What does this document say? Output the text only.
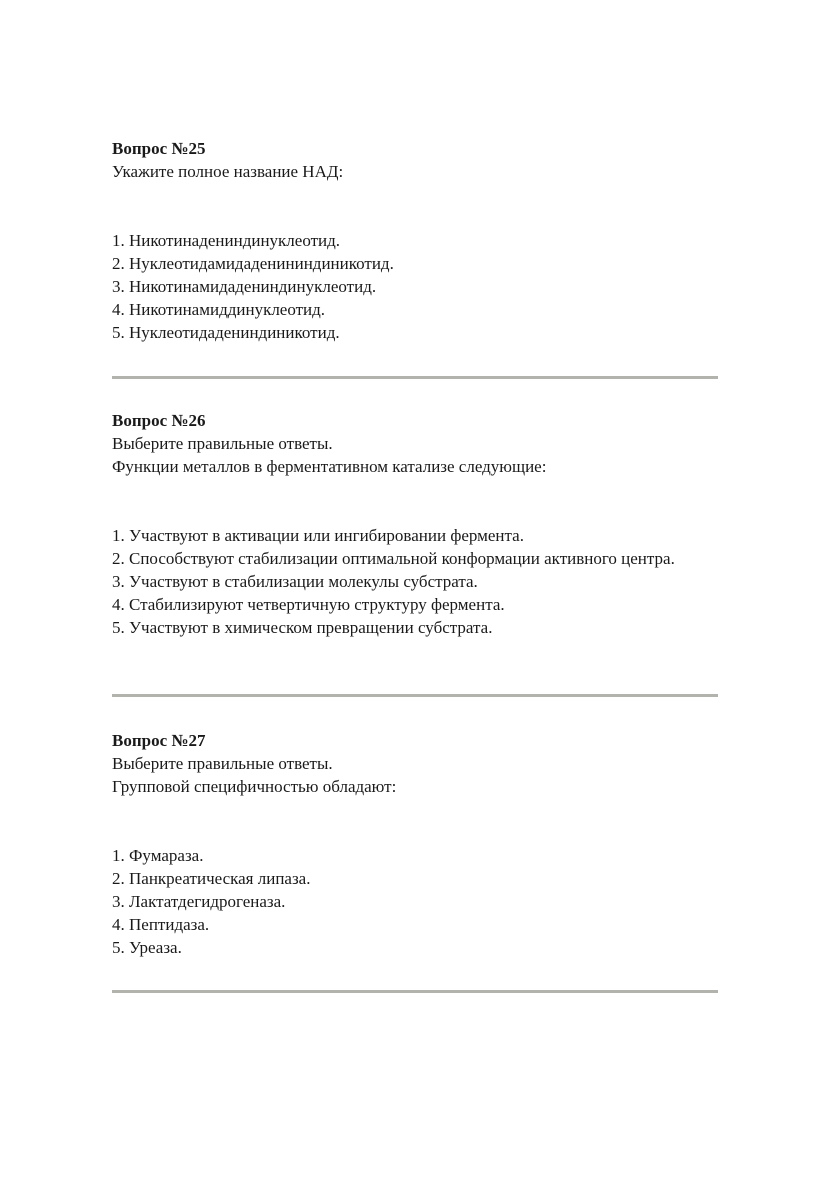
Вопрос №25

Укажите полное название НАД:

1. Никотинадениндинуклеотид.
2. Нуклеотидамидаденининдиникотид.
3. Никотинамидадениндинуклеотид.
4. Никотинамиддинуклеотид.
5. Нуклеотидадениндиникотид.

Вопрос №26

Выберите правильные ответы.

Функции металлов в ферментативном катализе следующие:

1. Участвуют в активации или ингибировании фермента.
2. Способствуют стабилизации оптимальной конформации активного центра.
3. Участвуют в стабилизации молекулы субстрата.
4. Стабилизируют четвертичную структуру фермента.
5. Участвуют в химическом превращении субстрата.

Вопрос №27

Выберите правильные ответы.

Групповой специфичностью обладают:

1. Фумараза.
2. Панкреатическая липаза.
3. Лактатдегидрогеназа.
4. Пептидаза.
5. Уреаза.
